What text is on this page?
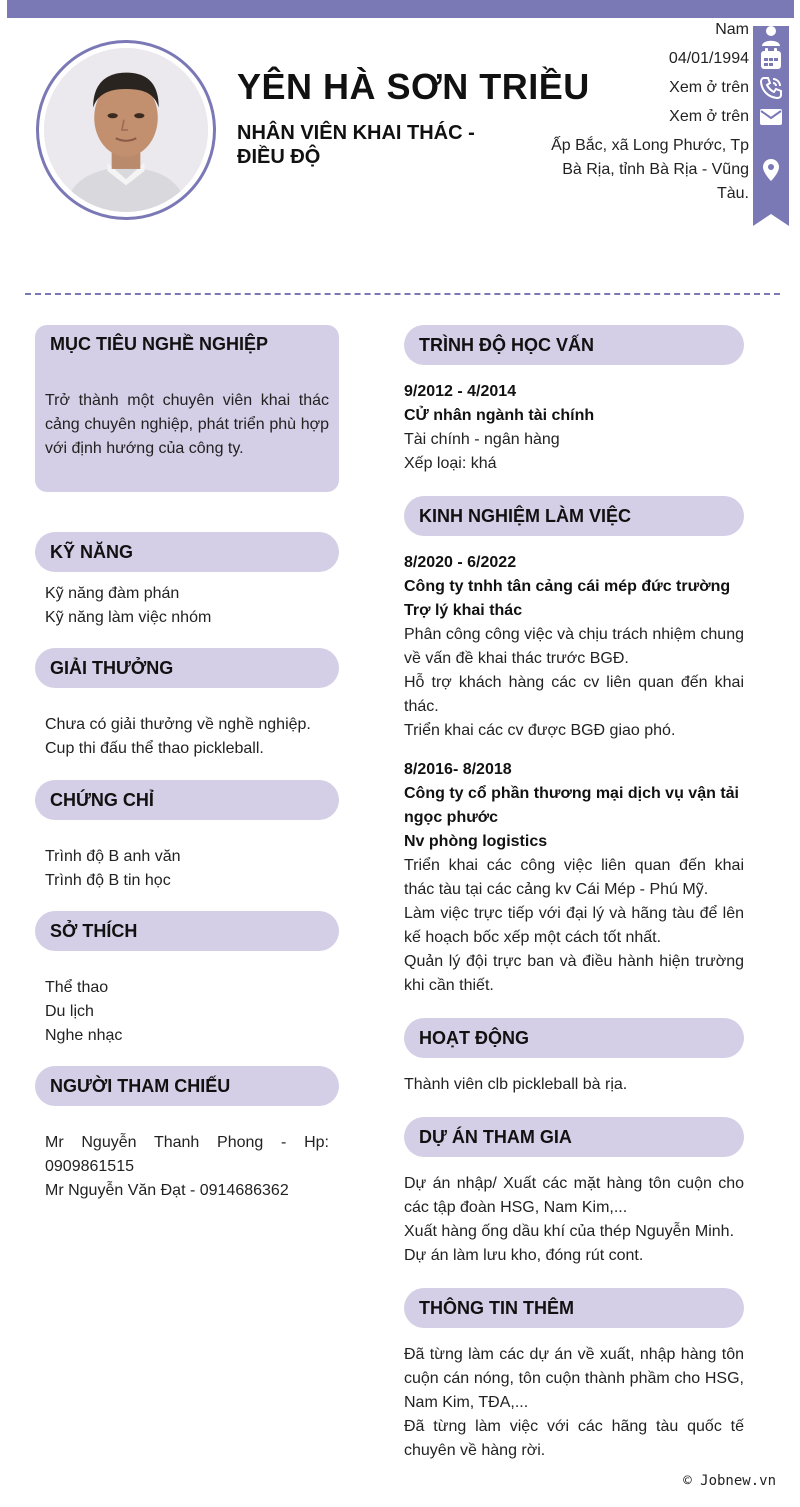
YÊN HÀ SƠN TRIỀU
NHÂN VIÊN KHAI THÁC - ĐIỀU ĐỘ
Nam
04/01/1994
Xem ở trên
Xem ở trên
Ấp Bắc, xã Long Phước, Tp Bà Rịa, tỉnh Bà Rịa - Vũng Tàu.
MỤC TIÊU NGHỀ NGHIỆP
Trở thành một chuyên viên khai thác cảng chuyên nghiệp, phát triển phù hợp với định hướng của công ty.
KỸ NĂNG
Kỹ năng đàm phán
Kỹ năng làm việc nhóm
GIẢI THƯỞNG
Chưa có giải thưởng về nghề nghiệp.
Cup thi đấu thể thao pickleball.
CHỨNG CHỈ
Trình độ B anh văn
Trình độ B tin học
SỞ THÍCH
Thể thao
Du lịch
Nghe nhạc
NGƯỜI THAM CHIẾU
Mr Nguyễn Thanh Phong - Hp: 0909861515
Mr Nguyễn Văn Đạt - 0914686362
TRÌNH ĐỘ HỌC VẤN
9/2012 - 4/2014
CỬ nhân ngành tài chính
Tài chính - ngân hàng
Xếp loại: khá
KINH NGHIỆM LÀM VIỆC
8/2020 - 6/2022
Công ty tnhh tân cảng cái mép đức trường
Trợ lý khai thác
Phân công công việc và chịu trách nhiệm chung về vấn đề khai thác trước BGĐ.
Hỗ trợ khách hàng các cv liên quan đến khai thác.
Triển khai các cv được BGĐ giao phó.
8/2016- 8/2018
Công ty cổ phần thương mại dịch vụ vận tải ngọc phước
Nv phòng logistics
Triển khai các công việc liên quan đến khai thác tàu tại các cảng kv Cái Mép - Phú Mỹ.
Làm việc trực tiếp với đại lý và hãng tàu để lên kế hoạch bốc xếp một cách tốt nhất.
Quản lý đội trực ban và điều hành hiện trường khi cần thiết.
HOẠT ĐỘNG
Thành viên clb pickleball bà rịa.
DỰ ÁN THAM GIA
Dự án nhập/ Xuất các mặt hàng tôn cuộn cho các tập đoàn HSG, Nam Kim,...
Xuất hàng ống dầu khí của thép Nguyễn Minh.
Dự án làm lưu kho, đóng rút cont.
THÔNG TIN THÊM
Đã từng làm các dự án về xuất, nhập hàng tôn cuộn cán nóng, tôn cuộn thành phầm cho HSG, Nam Kim, TĐA,...
Đã từng làm việc với các hãng tàu quốc tế chuyên về hàng rời.
© Jobnew.vn
